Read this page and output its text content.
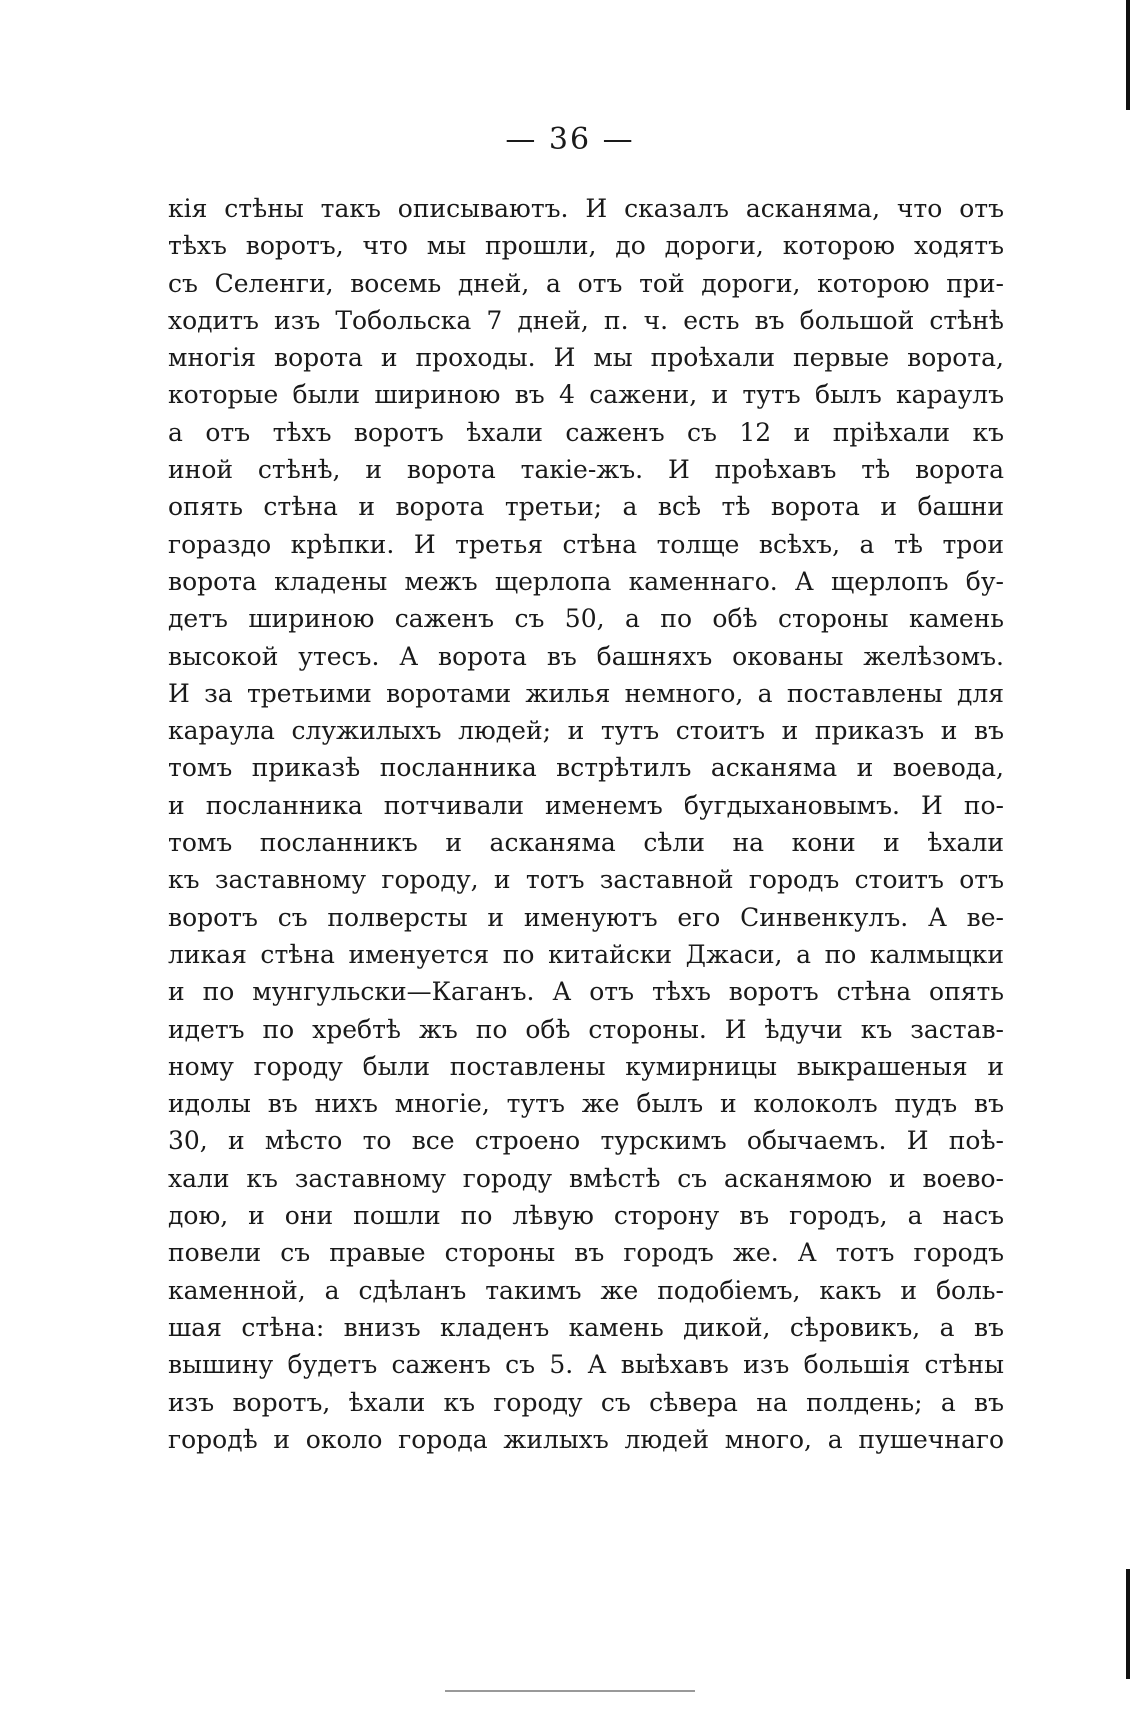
— 36 —
кія стѣны такъ описываютъ. И сказалъ асканяма, что отъ
тѣхъ воротъ, что мы прошли, до дороги, которою ходятъ
съ Селенги, восемь дней, а отъ той дороги, которою при-
ходитъ изъ Тобольска 7 дней, п. ч. есть въ большой стѣнѣ
многія ворота и проходы. И мы проѣхали первые ворота,
которые были шириною въ 4 сажени, и тутъ былъ караулъ
а отъ тѣхъ воротъ ѣхали саженъ съ 12 и пріѣхали къ
иной стѣнѣ, и ворота такіе-жъ. И проѣхавъ тѣ ворота
опять стѣна и ворота третьи; а всѣ тѣ ворота и башни
гораздо крѣпки. И третья стѣна толще всѣхъ, а тѣ трои
ворота кладены межъ щерлопа каменнаго. А щерлопъ бу-
детъ шириною саженъ съ 50, а по обѣ стороны камень
высокой утесъ. А ворота въ башняхъ окованы желѣзомъ.
И за третьими воротами жилья немного, а поставлены для
караула служилыхъ людей; и тутъ стоитъ и приказъ и въ
томъ приказѣ посланника встрѣтилъ асканяма и воевода,
и посланника потчивали именемъ бугдыхановымъ. И по-
томъ посланникъ и асканяма сѣли на кони и ѣхали
къ заставному городу, и тотъ заставной городъ стоитъ отъ
воротъ съ полверсты и именуютъ его Синвенкулъ. А ве-
ликая стѣна именуется по китайски Джаси, а по калмыцки
и по мунгульски—Каганъ. А отъ тѣхъ воротъ стѣна опять
идетъ по хребтѣ жъ по обѣ стороны. И ѣдучи къ застав-
ному городу были поставлены кумирницы выкрашеныя и
идолы въ нихъ многіе, тутъ же былъ и колоколъ пудъ въ
30, и мѣсто то все строено турскимъ обычаемъ. И поѣ-
хали къ заставному городу вмѣстѣ съ асканямою и воево-
дою, и они пошли по лѣвую сторону въ городъ, а насъ
повели съ правые стороны въ городъ же. А тотъ городъ
каменной, а сдѣланъ такимъ же подобіемъ, какъ и боль-
шая стѣна: внизъ кладенъ камень дикой, сѣровикъ, а въ
вышину будетъ саженъ съ 5. А выѣхавъ изъ большія стѣны
изъ воротъ, ѣхали къ городу съ сѣвера на полдень; а въ
городѣ и около города жилыхъ людей много, а пушечнаго
